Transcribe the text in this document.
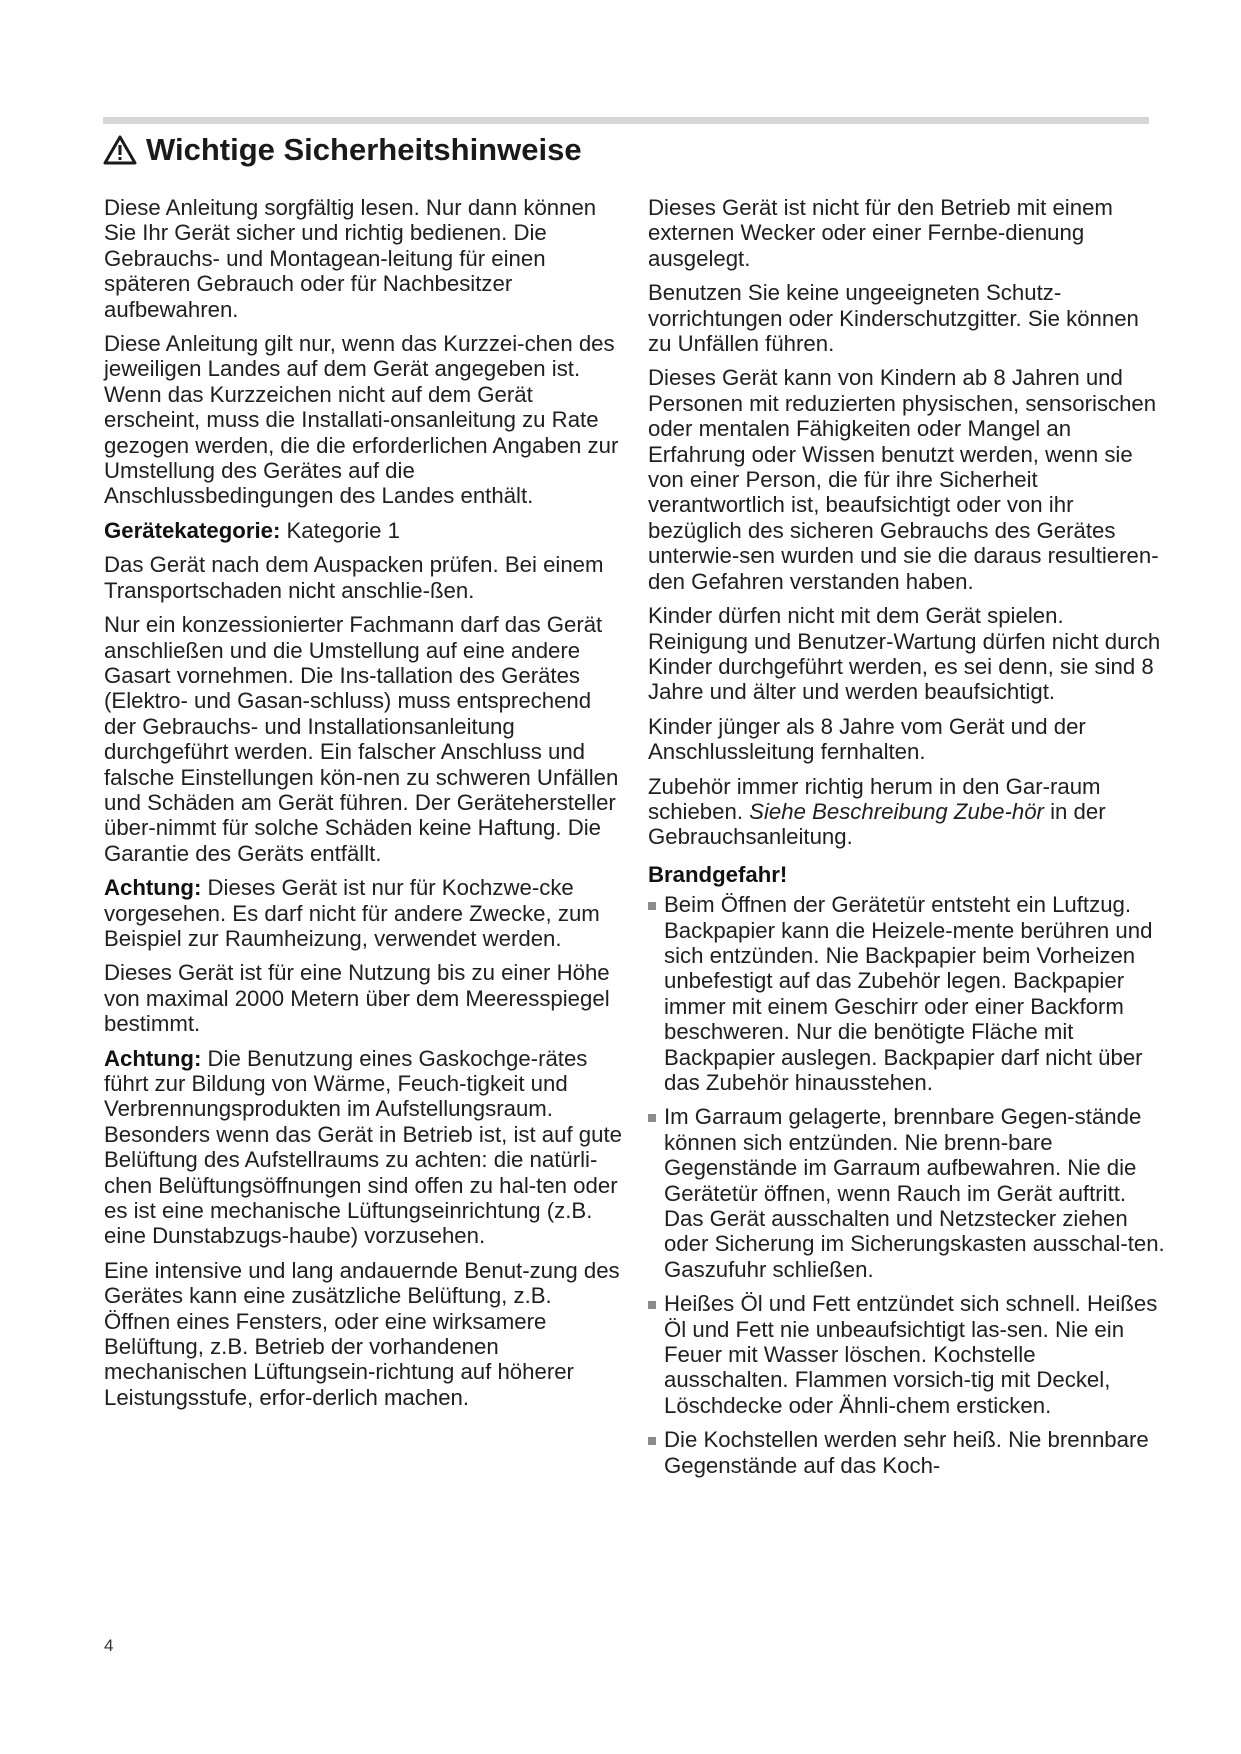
Wichtige Sicherheitshinweise

Diese Anleitung sorgfältig lesen. Nur dann können Sie Ihr Gerät sicher und richtig bedienen. Die Gebrauchs- und Montagean-leitung für einen späteren Gebrauch oder für Nachbesitzer aufbewahren.

Diese Anleitung gilt nur, wenn das Kurzzei-chen des jeweiligen Landes auf dem Gerät angegeben ist. Wenn das Kurzzeichen nicht auf dem Gerät erscheint, muss die Installati-onsanleitung zu Rate gezogen werden, die die erforderlichen Angaben zur Umstellung des Gerätes auf die Anschlussbedingungen des Landes enthält.

Gerätekategorie: Kategorie 1

Das Gerät nach dem Auspacken prüfen. Bei einem Transportschaden nicht anschlie-ßen.

Nur ein konzessionierter Fachmann darf das Gerät anschließen und die Umstellung auf eine andere Gasart vornehmen. Die Ins-tallation des Gerätes (Elektro- und Gasan-schluss) muss entsprechend der Gebrauchs- und Installationsanleitung durchgeführt werden. Ein falscher Anschluss und falsche Einstellungen kön-nen zu schweren Unfällen und Schäden am Gerät führen. Der Gerätehersteller über-nimmt für solche Schäden keine Haftung. Die Garantie des Geräts entfällt.

Achtung: Dieses Gerät ist nur für Kochzwe-cke vorgesehen. Es darf nicht für andere Zwecke, zum Beispiel zur Raumheizung, verwendet werden.

Dieses Gerät ist für eine Nutzung bis zu einer Höhe von maximal 2000 Metern über dem Meeresspiegel bestimmt.

Achtung: Die Benutzung eines Gaskochge-rätes führt zur Bildung von Wärme, Feuch-tigkeit und Verbrennungsprodukten im Aufstellungsraum. Besonders wenn das Gerät in Betrieb ist, ist auf gute Belüftung des Aufstellraums zu achten: die natürli-chen Belüftungsöffnungen sind offen zu hal-ten oder es ist eine mechanische Lüftungseinrichtung (z.B. eine Dunstabzugs-haube) vorzusehen.

Eine intensive und lang andauernde Benut-zung des Gerätes kann eine zusätzliche Belüftung, z.B. Öffnen eines Fensters, oder eine wirksamere Belüftung, z.B. Betrieb der vorhandenen mechanischen Lüftungsein-richtung auf höherer Leistungsstufe, erfor-derlich machen.

Dieses Gerät ist nicht für den Betrieb mit einem externen Wecker oder einer Fernbe-dienung ausgelegt.

Benutzen Sie keine ungeeigneten Schutz-vorrichtungen oder Kinderschutzgitter. Sie können zu Unfällen führen.

Dieses Gerät kann von Kindern ab 8 Jahren und Personen mit reduzierten physischen, sensorischen oder mentalen Fähigkeiten oder Mangel an Erfahrung oder Wissen benutzt werden, wenn sie von einer Person, die für ihre Sicherheit verantwortlich ist, beaufsichtigt oder von ihr bezüglich des sicheren Gebrauchs des Gerätes unterwie-sen wurden und sie die daraus resultieren-den Gefahren verstanden haben.

Kinder dürfen nicht mit dem Gerät spielen. Reinigung und Benutzer-Wartung dürfen nicht durch Kinder durchgeführt werden, es sei denn, sie sind 8 Jahre und älter und werden beaufsichtigt.

Kinder jünger als 8 Jahre vom Gerät und der Anschlussleitung fernhalten.

Zubehör immer richtig herum in den Gar-raum schieben. Siehe Beschreibung Zube-hör in der Gebrauchsanleitung.

Brandgefahr!
Beim Öffnen der Gerätetür entsteht ein Luftzug. Backpapier kann die Heizele-mente berühren und sich entzünden. Nie Backpapier beim Vorheizen unbefestigt auf das Zubehör legen. Backpapier immer mit einem Geschirr oder einer Backform beschweren. Nur die benötigte Fläche mit Backpapier auslegen. Backpapier darf nicht über das Zubehör hinausstehen.
Im Garraum gelagerte, brennbare Gegen-stände können sich entzünden. Nie brenn-bare Gegenstände im Garraum aufbewahren. Nie die Gerätetür öffnen, wenn Rauch im Gerät auftritt. Das Gerät ausschalten und Netzstecker ziehen oder Sicherung im Sicherungskasten ausschal-ten. Gaszufuhr schließen.
Heißes Öl und Fett entzündet sich schnell. Heißes Öl und Fett nie unbeaufsichtigt las-sen. Nie ein Feuer mit Wasser löschen. Kochstelle ausschalten. Flammen vorsich-tig mit Deckel, Löschdecke oder Ähnli-chem ersticken.
Die Kochstellen werden sehr heiß. Nie brennbare Gegenstände auf das Koch-
4
